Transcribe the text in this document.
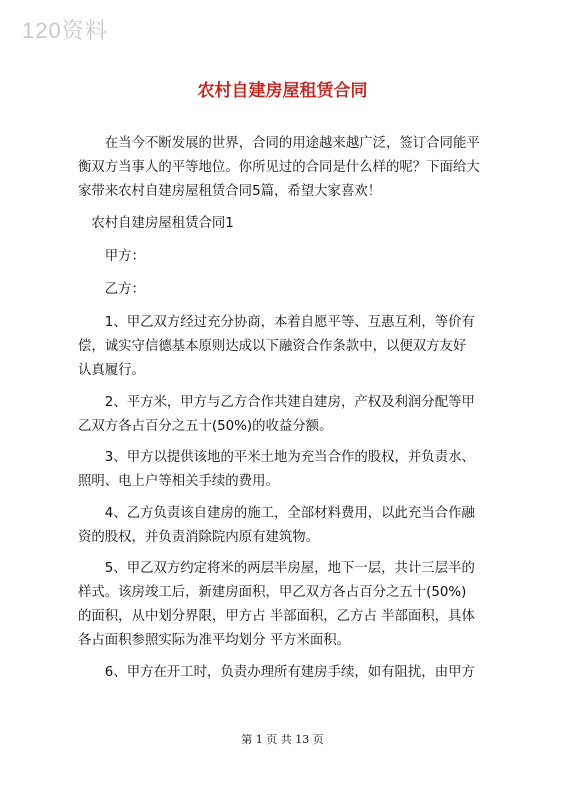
120资料
农村自建房屋租赁合同
在当今不断发展的世界，合同的用途越来越广泛，签订合同能平
衡双方当事人的平等地位。你所见过的合同是什么样的呢？下面给大
家带来农村自建房屋租赁合同5篇，希望大家喜欢！
农村自建房屋租赁合同1
甲方：
乙方：
1、甲乙双方经过充分协商，本着自愿平等、互惠互利，等价有
偿，诚实守信德基本原则达成以下融资合作条款中，以便双方友好
认真履行。
2、平方米，甲方与乙方合作共建自建房，产权及利润分配等甲
乙双方各占百分之五十(50%)的收益分额。
3、甲方以提供该地的平米土地为充当合作的股权，并负责水、
照明、电上户等相关手续的费用。
4、乙方负责该自建房的施工，全部材料费用，以此充当合作融
资的股权，并负责消除院内原有建筑物。
5、甲乙双方约定将米的两层半房屋，地下一层，共计三层半的
样式。该房竣工后，新建房面积，甲乙双方各占百分之五十(50%)
的面积，从中划分界限，甲方占 半部面积，乙方占 半部面积，具体
各占面积参照实际为准平均划分 平方米面积。
6、甲方在开工时，负责办理所有建房手续，如有阻扰，由甲方
第 1 页 共 13 页
